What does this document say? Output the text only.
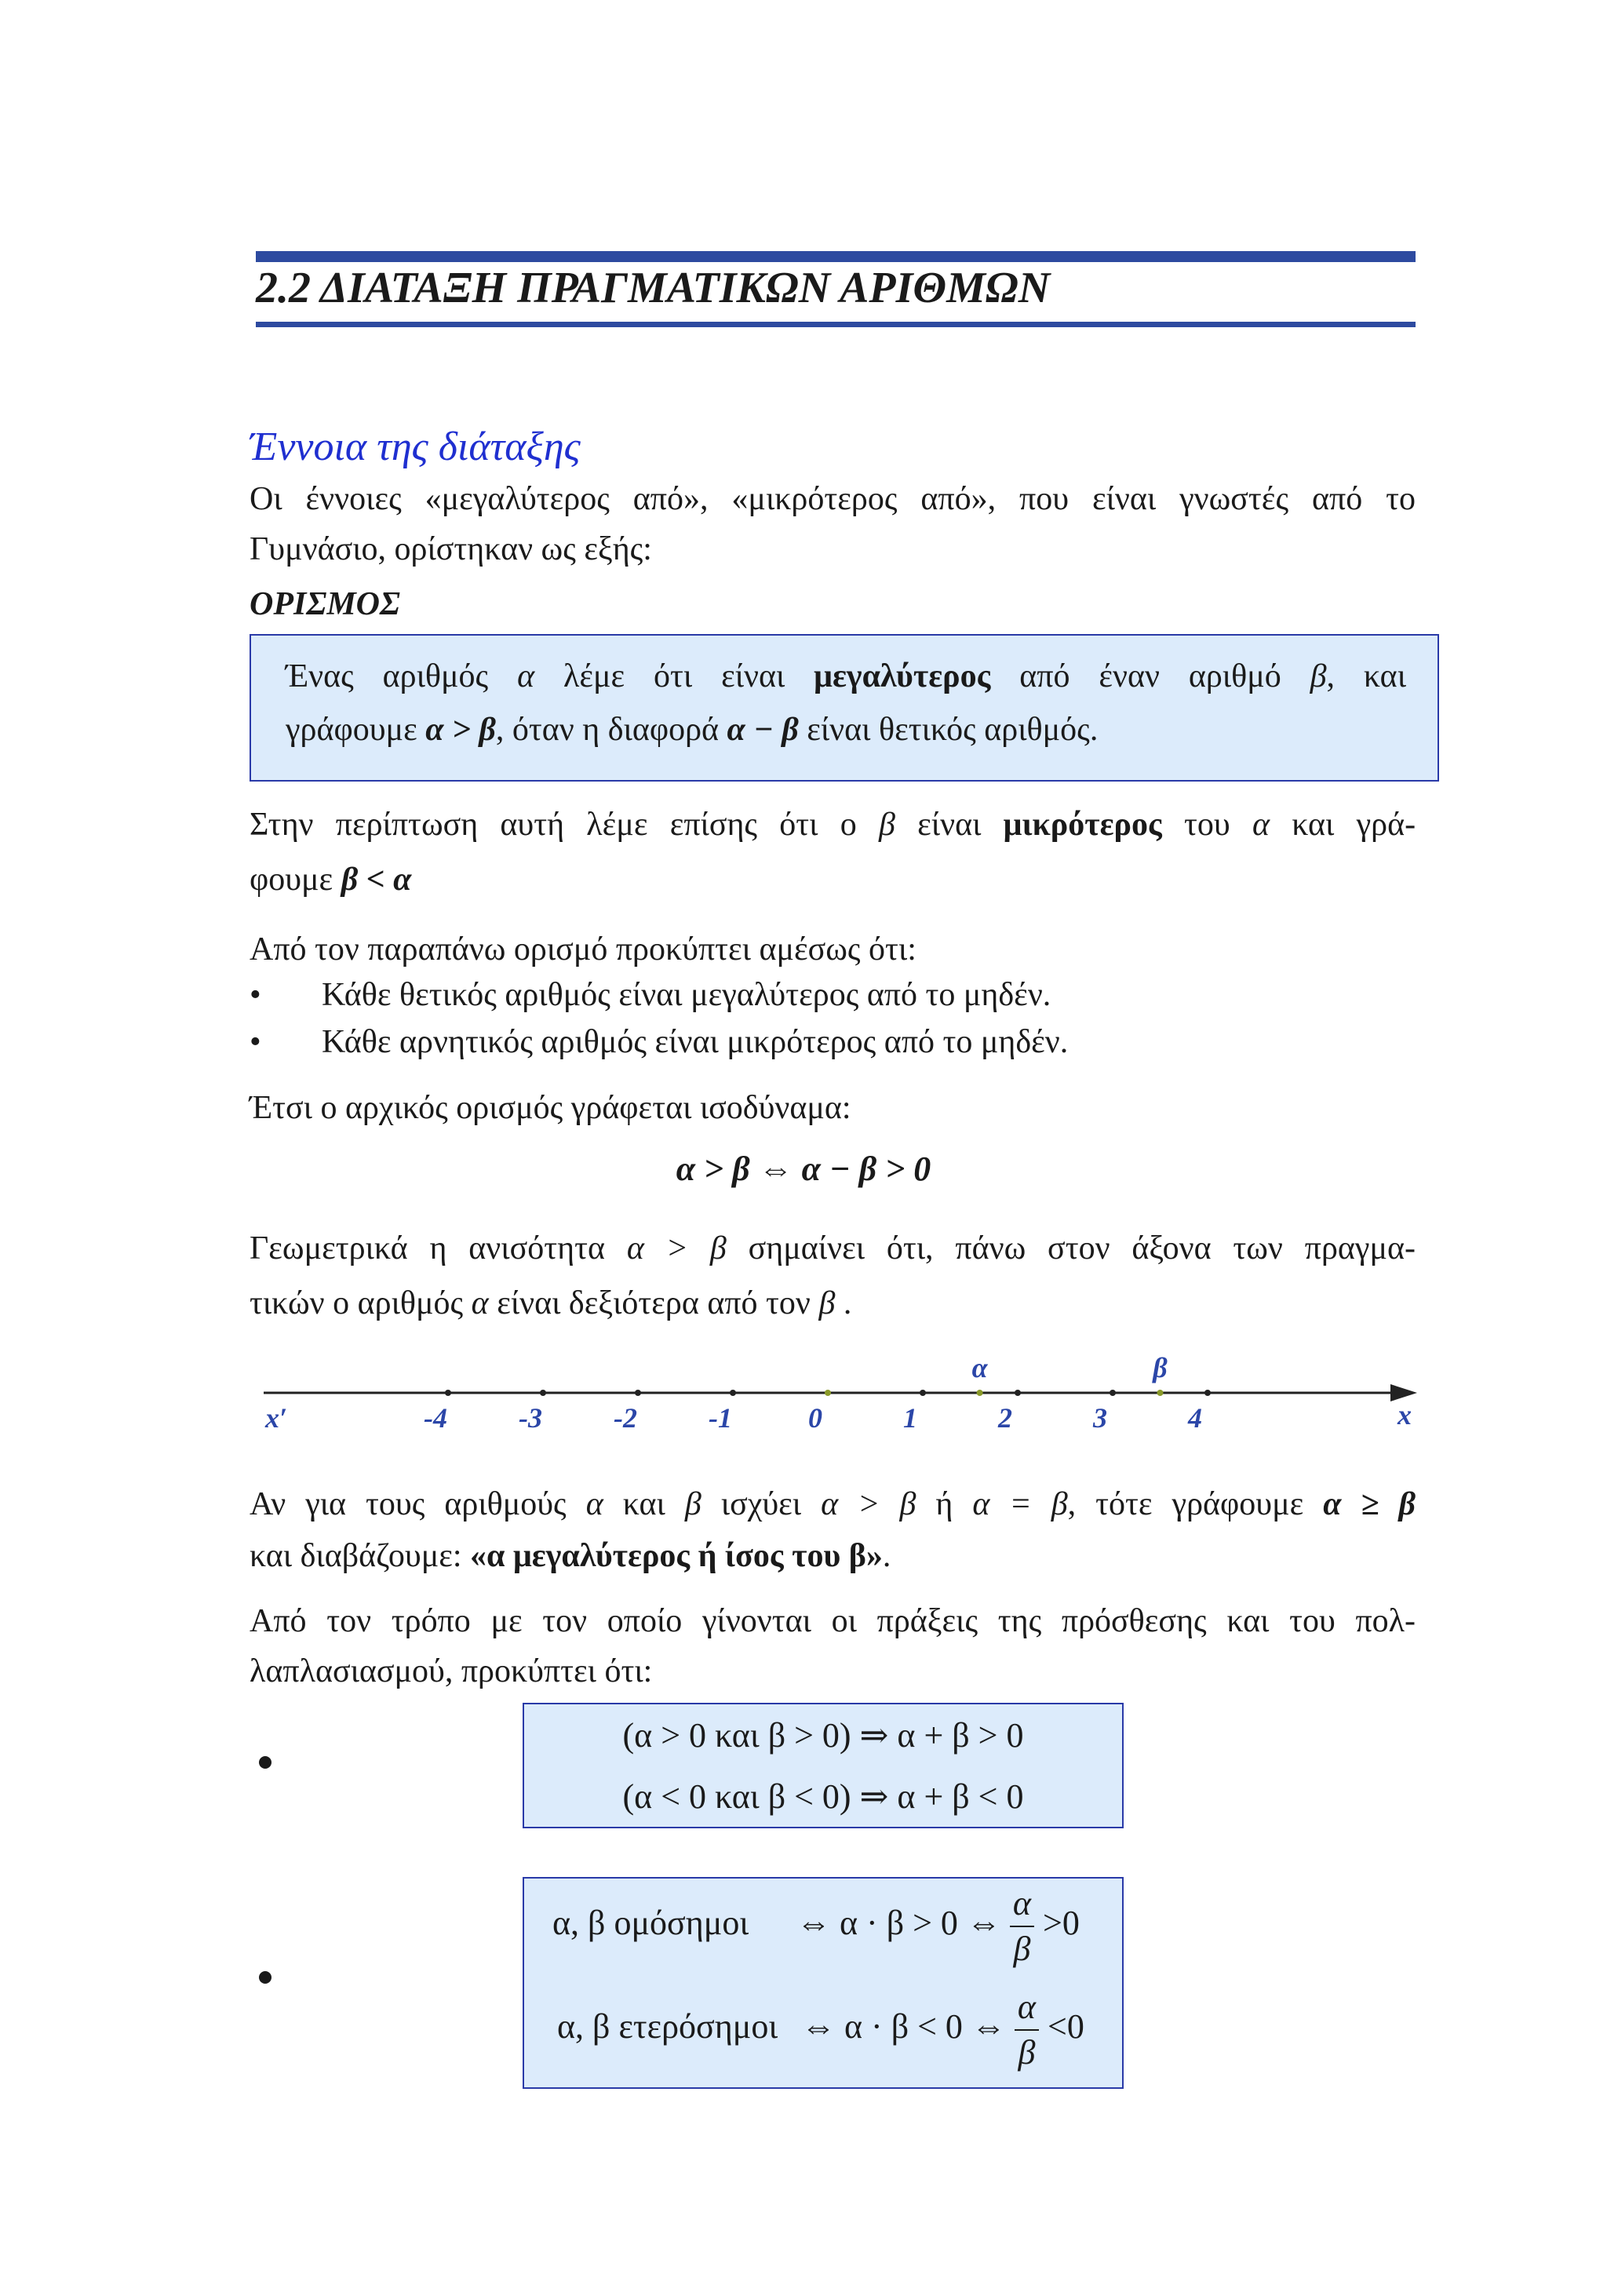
2.2 ΔΙΑΤΑΞΗ ΠΡΑΓΜΑΤΙΚΩΝ ΑΡΙΘΜΩΝ
Έννοια της διάταξης
Οι έννοιες «μεγαλύτερος από», «μικρότερος από», που είναι γνωστές από το
Γυμνάσιο, ορίστηκαν ως εξής:
ΟΡΙΣΜΟΣ
Ένας αριθμός α λέμε ότι είναι μεγαλύτερος από έναν αριθμό β, και
γράφουμε α > β, όταν η διαφορά α − β είναι θετικός αριθμός.
Στην περίπτωση αυτή λέμε επίσης ότι ο β είναι μικρότερος του α και γρά-
φουμε β < α
Από τον παραπάνω ορισμό προκύπτει αμέσως ότι:
• Κάθε θετικός αριθμός είναι μεγαλύτερος από το μηδέν.
• Κάθε αρνητικός αριθμός είναι μικρότερος από το μηδέν.
Έτσι ο αρχικός ορισμός γράφεται ισοδύναμα:
α > β ⇔ α − β > 0
Γεωμετρικά η ανισότητα α > β σημαίνει ότι, πάνω στον άξονα των πραγμα-
τικών ο αριθμός α είναι δεξιότερα από τον β .
x′	x
-4	-3	-2	-1	0	1	2	3	4
α	β
Αν για τους αριθμούς α και β ισχύει α > β ή α = β, τότε γράφουμε α ≥ β
και διαβάζουμε: «α μεγαλύτερος ή ίσος του β».
Από τον τρόπο με τον οποίο γίνονται οι πράξεις της πρόσθεσης και του πολ-
λαπλασιασμού, προκύπτει ότι:
(α > 0 και β > 0) ⇒ α + β > 0
(α < 0 και β < 0) ⇒ α + β < 0
α, β ομόσημοι ⇔ α · β > 0 ⇔ $\frac{\alpha}{\beta} >0$
α, β ετερόσημοι ⇔ α · β < 0 ⇔ $\frac{\alpha}{\beta} <0$
